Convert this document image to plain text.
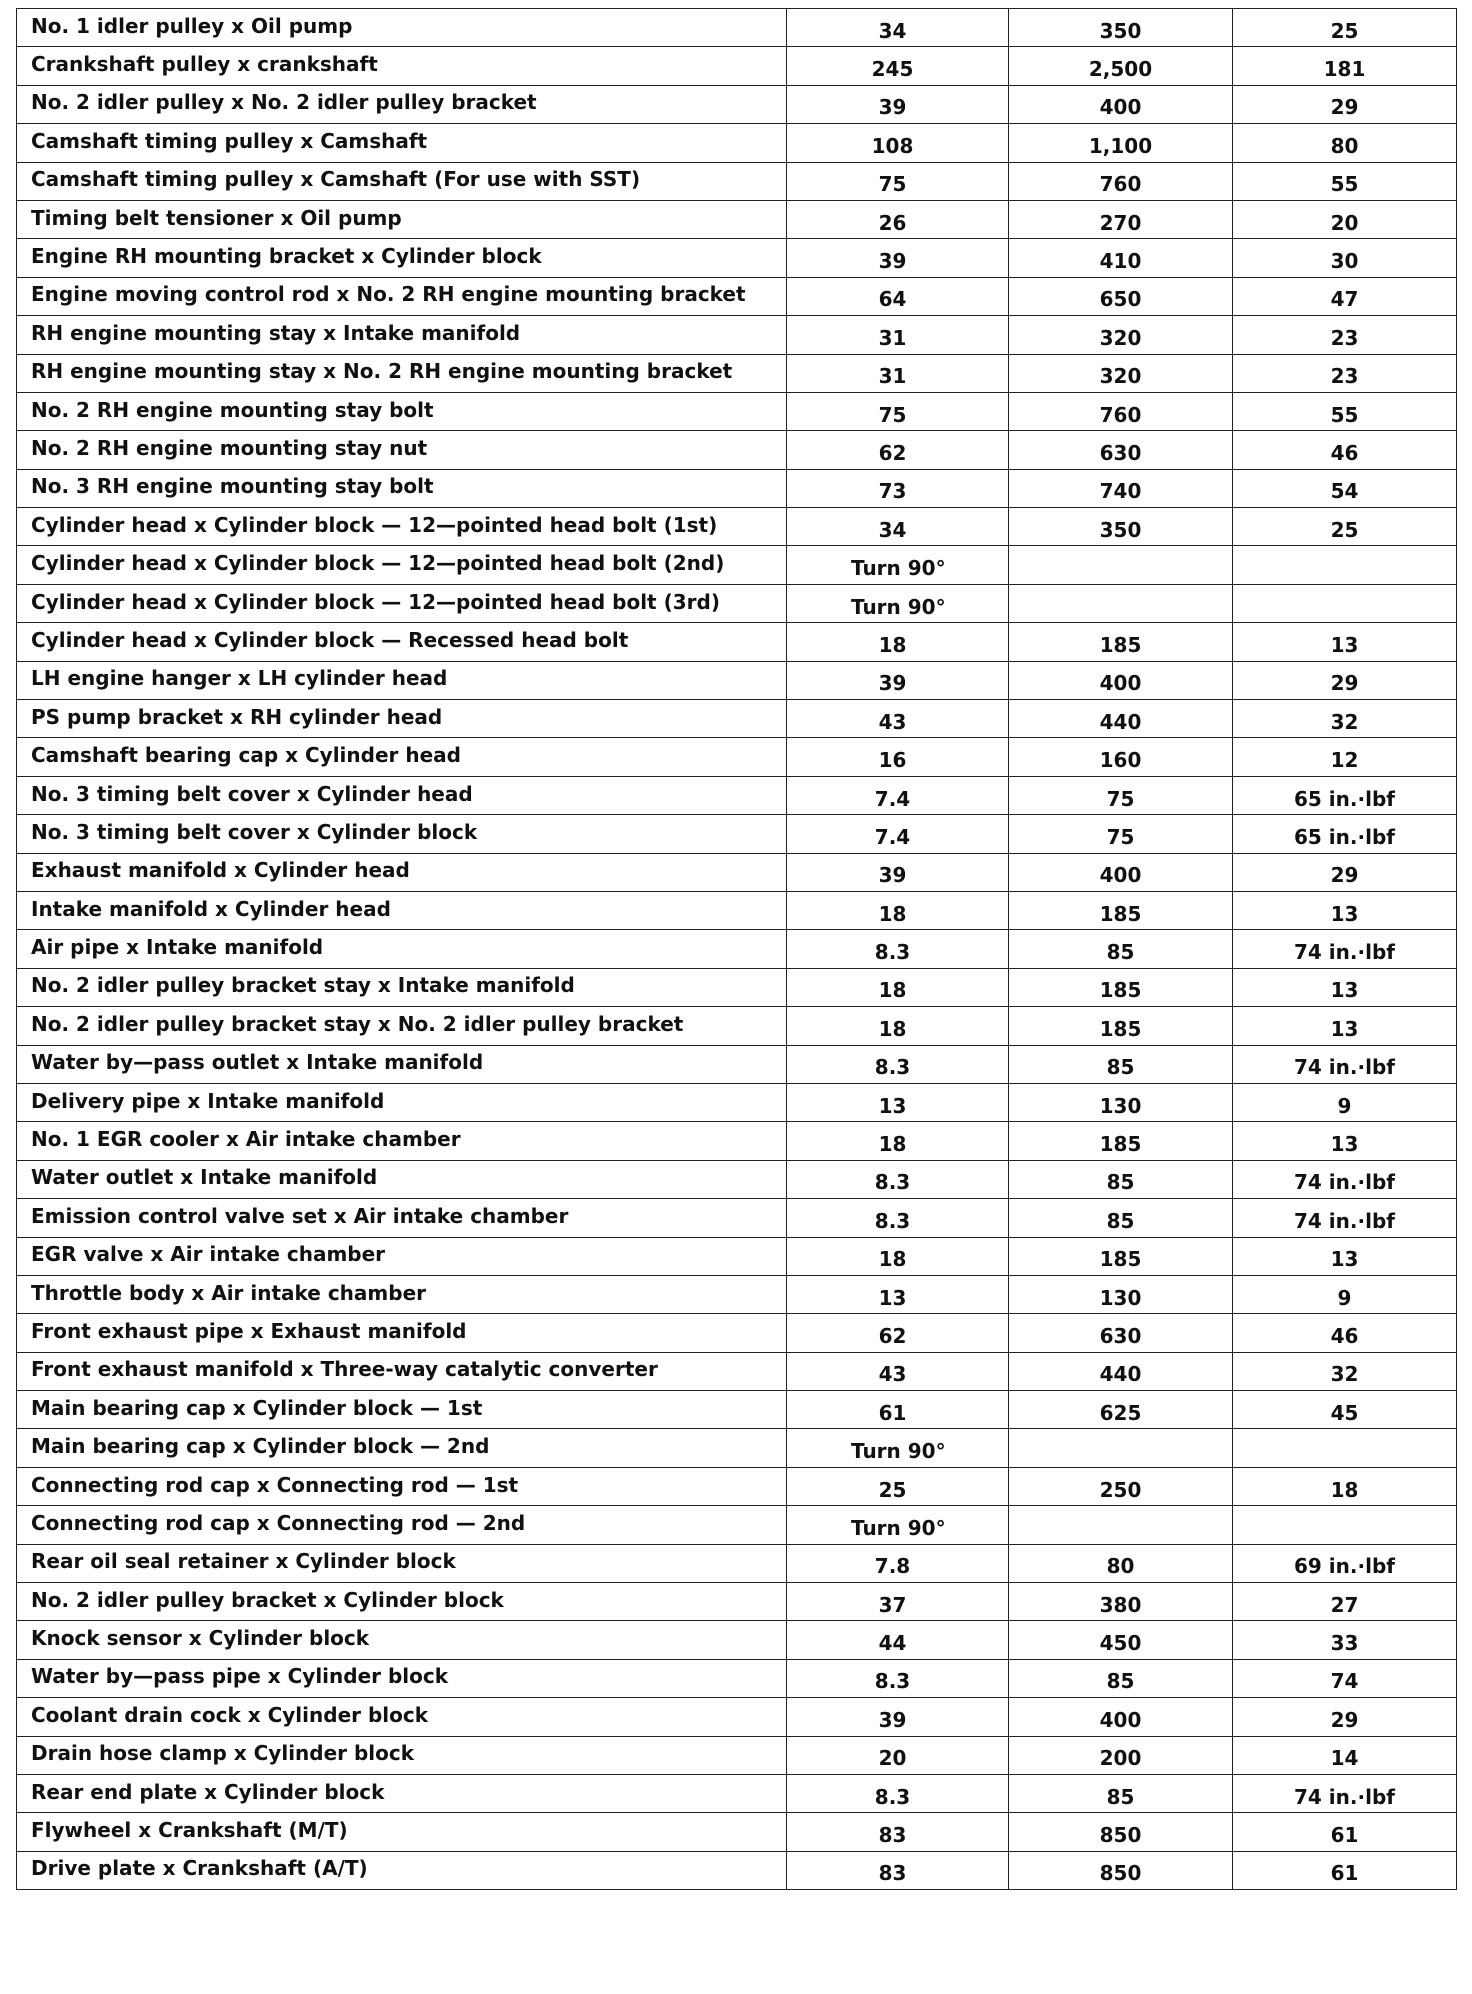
No. 1 idler pulley x Oil pump	34	350	25
Crankshaft pulley x crankshaft	245	2,500	181
No. 2 idler pulley x No. 2 idler pulley bracket	39	400	29
Camshaft timing pulley x Camshaft	108	1,100	80
Camshaft timing pulley x Camshaft (For use with SST)	75	760	55
Timing belt tensioner x Oil pump	26	270	20
Engine RH mounting bracket x Cylinder block	39	410	30
Engine moving control rod x No. 2 RH engine mounting bracket	64	650	47
RH engine mounting stay x Intake manifold	31	320	23
RH engine mounting stay x No. 2 RH engine mounting bracket	31	320	23
No. 2 RH engine mounting stay bolt	75	760	55
No. 2 RH engine mounting stay nut	62	630	46
No. 3 RH engine mounting stay bolt	73	740	54
Cylinder head x Cylinder block — 12—pointed head bolt (1st)	34	350	25
Cylinder head x Cylinder block — 12—pointed head bolt (2nd)	Turn 90°		
Cylinder head x Cylinder block — 12—pointed head bolt (3rd)	Turn 90°		
Cylinder head x Cylinder block — Recessed head bolt	18	185	13
LH engine hanger x LH cylinder head	39	400	29
PS pump bracket x RH cylinder head	43	440	32
Camshaft bearing cap x Cylinder head	16	160	12
No. 3 timing belt cover x Cylinder head	7.4	75	65 in.·lbf
No. 3 timing belt cover x Cylinder block	7.4	75	65 in.·lbf
Exhaust manifold x Cylinder head	39	400	29
Intake manifold x Cylinder head	18	185	13
Air pipe x Intake manifold	8.3	85	74 in.·lbf
No. 2 idler pulley bracket stay x Intake manifold	18	185	13
No. 2 idler pulley bracket stay x No. 2 idler pulley bracket	18	185	13
Water by—pass outlet x Intake manifold	8.3	85	74 in.·lbf
Delivery pipe x Intake manifold	13	130	9
No. 1 EGR cooler x Air intake chamber	18	185	13
Water outlet x Intake manifold	8.3	85	74 in.·lbf
Emission control valve set x Air intake chamber	8.3	85	74 in.·lbf
EGR valve x Air intake chamber	18	185	13
Throttle body x Air intake chamber	13	130	9
Front exhaust pipe x Exhaust manifold	62	630	46
Front exhaust manifold x Three-way catalytic converter	43	440	32
Main bearing cap x Cylinder block — 1st	61	625	45
Main bearing cap x Cylinder block — 2nd	Turn 90°		
Connecting rod cap x Connecting rod — 1st	25	250	18
Connecting rod cap x Connecting rod — 2nd	Turn 90°		
Rear oil seal retainer x Cylinder block	7.8	80	69 in.·lbf
No. 2 idler pulley bracket x Cylinder block	37	380	27
Knock sensor x Cylinder block	44	450	33
Water by—pass pipe x Cylinder block	8.3	85	74
Coolant drain cock x Cylinder block	39	400	29
Drain hose clamp x Cylinder block	20	200	14
Rear end plate x Cylinder block	8.3	85	74 in.·lbf
Flywheel x Crankshaft (M/T)	83	850	61
Drive plate x Crankshaft (A/T)	83	850	61
